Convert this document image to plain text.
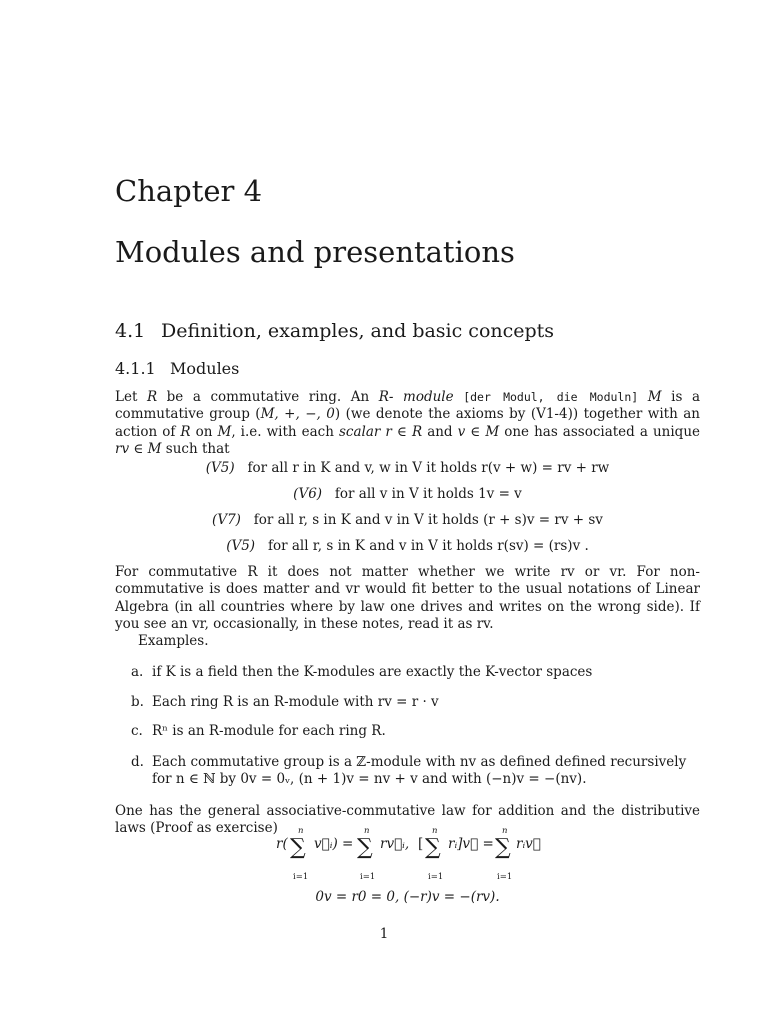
Chapter 4
Modules and presentations
4.1 Definition, examples, and basic concepts
4.1.1 Modules

Let R be a commutative ring. An R- module [der Modul, die Moduln] M is a commutative group (M, +, −, 0) (we denote the axioms by (V1-4)) together with an action of R on M, i.e. with each scalar r ∈ R and v ∈ M one has associated a unique rv ∈ M such that

(V5) for all r in K and v, w in V it holds r(v + w) = rv + rw
(V6) for all v in V it holds 1v = v
(V7) for all r, s in K and v in V it holds (r + s)v = rv + sv
(V5) for all r, s in K and v in V it holds r(sv) = (rs)v .

For commutative R it does not matter whether we write rv or vr. For non-commutative is does matter and vr would fit better to the usual notations of Linear Algebra (in all countries where by law one drives and writes on the wrong side). If you see an vr, occasionally, in these notes, read it as rv.

Examples.
a. if K is a field then the K-modules are exactly the K-vector spaces
b. Each ring R is an R-module with rv = r · v
c. Rⁿ is an R-module for each ring R.
d. Each commutative group is a ℤ-module with nv as defined defined recursively for n ∈ ℕ by 0v = 0ᵥ, (n + 1)v = nv + v and with (−n)v = −(nv).

One has the general associative-commutative law for addition and the distributive laws (Proof as exercise)

r( ∑
n
i=1
v⃗ᵢ) = ∑
n
i=1
rv⃗ᵢ, [ ∑
n
i=1
rᵢ]v⃗ = ∑
n
i=1
rᵢv⃗
0v = r0 = 0, (−r)v = −(rv).
1
